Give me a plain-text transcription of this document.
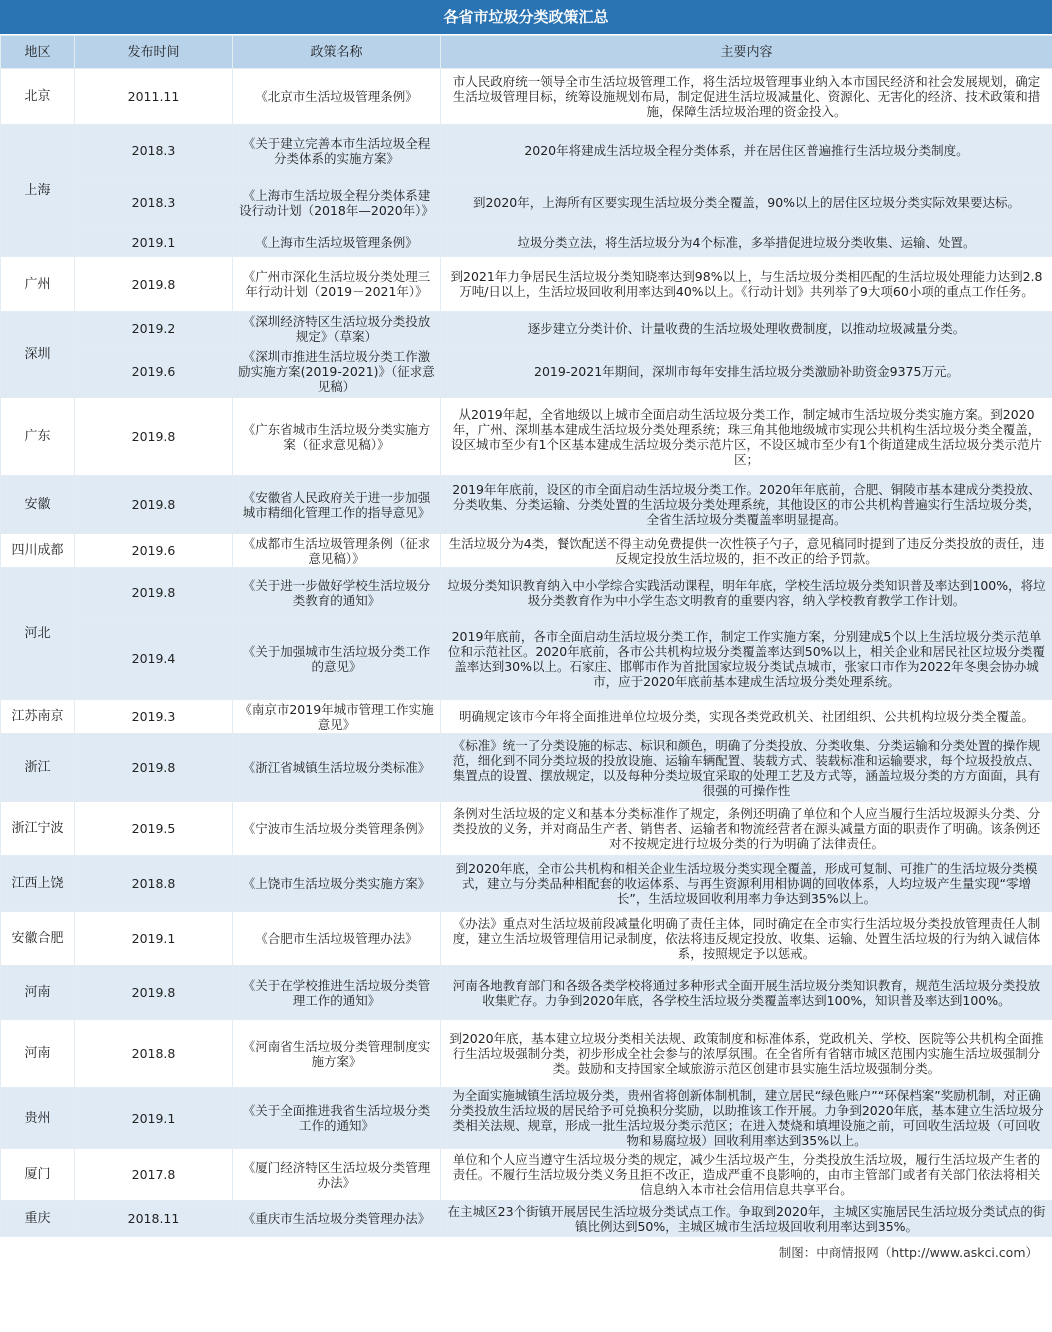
各省市垃圾分类政策汇总
地区	发布时间	政策名称	主要内容
北京	2011.11	《北京市生活垃圾管理条例》	市人民政府统一领导全市生活垃圾管理工作，将生活垃圾管理事业纳入本市国民经济和社会发展规划，确定生活垃圾管理目标，统筹设施规划布局，制定促进生活垃圾减量化、资源化、无害化的经济、技术政策和措施，保障生活垃圾治理的资金投入。
上海	2018.3	《关于建立完善本市生活垃圾全程分类体系的实施方案》	2020年将建成生活垃圾全程分类体系，并在居住区普遍推行生活垃圾分类制度。
	2018.3	《上海市生活垃圾全程分类体系建设行动计划（2018年—2020年）》	到2020年，上海所有区要实现生活垃圾分类全覆盖，90%以上的居住区垃圾分类实际效果要达标。
	2019.1	《上海市生活垃圾管理条例》	垃圾分类立法，将生活垃圾分为4个标准，多举措促进垃圾分类收集、运输、处置。
广州	2019.8	《广州市深化生活垃圾分类处理三年行动计划（2019－2021年）》	到2021年力争居民生活垃圾分类知晓率达到98%以上，与生活垃圾分类相匹配的生活垃圾处理能力达到2.8万吨/日以上，生活垃圾回收利用率达到40%以上。《行动计划》共列举了9大项60小项的重点工作任务。
深圳	2019.2	《深圳经济特区生活垃圾分类投放规定》（草案）	逐步建立分类计价、计量收费的生活垃圾处理收费制度，以推动垃圾减量分类。
	2019.6	《深圳市推进生活垃圾分类工作激励实施方案(2019-2021)》（征求意见稿）	2019-2021年期间，深圳市每年安排生活垃圾分类激励补助资金9375万元。
广东	2019.8	《广东省城市生活垃圾分类实施方案（征求意见稿）》	从2019年起，全省地级以上城市全面启动生活垃圾分类工作，制定城市生活垃圾分类实施方案。到2020年，广州、深圳基本建成生活垃圾分类处理系统；珠三角其他地级城市实现公共机构生活垃圾分类全覆盖，设区城市至少有1个区基本建成生活垃圾分类示范片区，不设区城市至少有1个街道建成生活垃圾分类示范片区；
安徽	2019.8	《安徽省人民政府关于进一步加强城市精细化管理工作的指导意见》	2019年年底前，设区的市全面启动生活垃圾分类工作。2020年年底前，合肥、铜陵市基本建成分类投放、分类收集、分类运输、分类处置的生活垃圾分类处理系统，其他设区的市公共机构普遍实行生活垃圾分类，全省生活垃圾分类覆盖率明显提高。
四川成都	2019.6	《成都市生活垃圾管理条例（征求意见稿）》	生活垃圾分为4类，餐饮配送不得主动免费提供一次性筷子勺子，意见稿同时提到了违反分类投放的责任，违反规定投放生活垃圾的，拒不改正的给予罚款。
河北	2019.8	《关于进一步做好学校生活垃圾分类教育的通知》	垃圾分类知识教育纳入中小学综合实践活动课程，明年年底，学校生活垃圾分类知识普及率达到100%，将垃圾分类教育作为中小学生态文明教育的重要内容，纳入学校教育教学工作计划。
	2019.4	《关于加强城市生活垃圾分类工作的意见》	2019年底前，各市全面启动生活垃圾分类工作，制定工作实施方案，分别建成5个以上生活垃圾分类示范单位和示范社区。2020年底前，各市公共机构垃圾分类覆盖率达到50%以上，相关企业和居民社区垃圾分类覆盖率达到30%以上。石家庄、邯郸市作为首批国家垃圾分类试点城市，张家口市作为2022年冬奥会协办城市，应于2020年底前基本建成生活垃圾分类处理系统。
江苏南京	2019.3	《南京市2019年城市管理工作实施意见》	明确规定该市今年将全面推进单位垃圾分类，实现各类党政机关、社团组织、公共机构垃圾分类全覆盖。
浙江	2019.8	《浙江省城镇生活垃圾分类标准》	《标准》统一了分类设施的标志、标识和颜色，明确了分类投放、分类收集、分类运输和分类处置的操作规范，细化到不同分类垃圾的投放设施、运输车辆配置、装载方式、装载标准和运输要求，每个垃圾投放点、集置点的设置、摆放规定，以及每种分类垃圾宜采取的处理工艺及方式等，涵盖垃圾分类的方方面面，具有很强的可操作性
浙江宁波	2019.5	《宁波市生活垃圾分类管理条例》	条例对生活垃圾的定义和基本分类标准作了规定，条例还明确了单位和个人应当履行生活垃圾源头分类、分类投放的义务，并对商品生产者、销售者、运输者和物流经营者在源头减量方面的职责作了明确。该条例还对不按规定进行垃圾分类的行为明确了法律责任。
江西上饶	2018.8	《上饶市生活垃圾分类实施方案》	到2020年底，全市公共机构和相关企业生活垃圾分类实现全覆盖，形成可复制、可推广的生活垃圾分类模式，建立与分类品种相配套的收运体系、与再生资源利用相协调的回收体系，人均垃圾产生量实现“零增长”，生活垃圾回收利用率力争达到35%以上。
安徽合肥	2019.1	《合肥市生活垃圾管理办法》	《办法》重点对生活垃圾前段减量化明确了责任主体，同时确定在全市实行生活垃圾分类投放管理责任人制度，建立生活垃圾管理信用记录制度，依法将违反规定投放、收集、运输、处置生活垃圾的行为纳入诚信体系，按照规定予以惩戒。
河南	2019.8	《关于在学校推进生活垃圾分类管理工作的通知》	河南各地教育部门和各级各类学校将通过多种形式全面开展生活垃圾分类知识教育，规范生活垃圾分类投放收集贮存。力争到2020年底，各学校生活垃圾分类覆盖率达到100%，知识普及率达到100%。
河南	2018.8	《河南省生活垃圾分类管理制度实施方案》	到2020年底，基本建立垃圾分类相关法规、政策制度和标准体系，党政机关、学校、医院等公共机构全面推行生活垃圾强制分类，初步形成全社会参与的浓厚氛围。在全省所有省辖市城区范围内实施生活垃圾强制分类。鼓励和支持国家全域旅游示范区创建市县实施生活垃圾强制分类。
贵州	2019.1	《关于全面推进我省生活垃圾分类工作的通知》	为全面实施城镇生活垃圾分类，贵州省将创新体制机制，建立居民“绿色账户”“环保档案”奖励机制，对正确分类投放生活垃圾的居民给予可兑换积分奖励，以助推该工作开展。力争到2020年底，基本建立生活垃圾分类相关法规、规章，形成一批生活垃圾分类示范区；在进入焚烧和填埋设施之前，可回收生活垃圾（可回收物和易腐垃圾）回收利用率达到35%以上。
厦门	2017.8	《厦门经济特区生活垃圾分类管理办法》	单位和个人应当遵守生活垃圾分类的规定，减少生活垃圾产生，分类投放生活垃圾，履行生活垃圾产生者的责任。不履行生活垃圾分类义务且拒不改正，造成严重不良影响的，由市主管部门或者有关部门依法将相关信息纳入本市社会信用信息共享平台。
重庆	2018.11	《重庆市生活垃圾分类管理办法》	在主城区23个街镇开展居民生活垃圾分类试点工作。争取到2020年，主城区实施居民生活垃圾分类试点的街镇比例达到50%，主城区城市生活垃圾回收利用率达到35%。
制图：中商情报网（http://www.askci.com）
